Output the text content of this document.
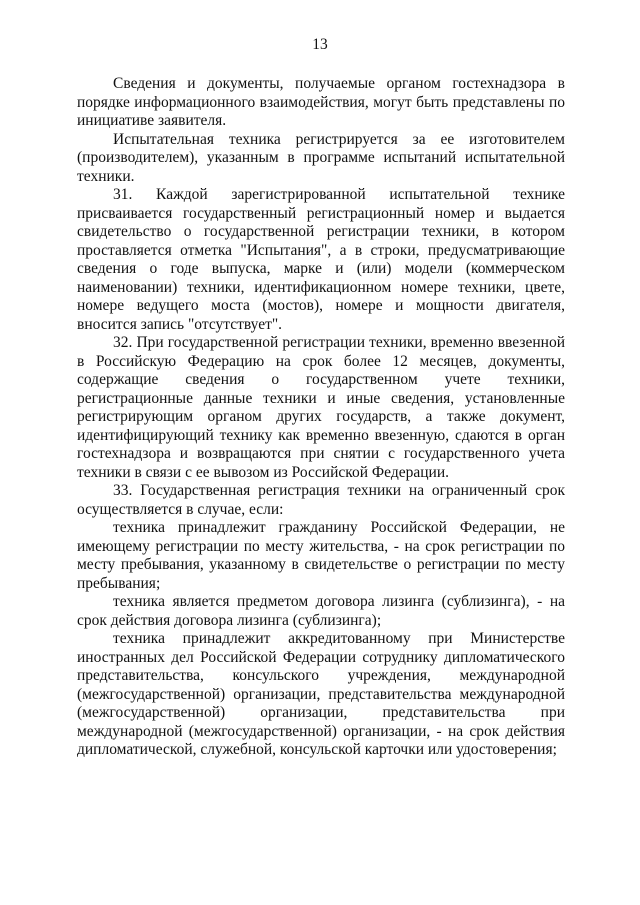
13

Сведения и документы, получаемые органом гостехнадзора в порядке информационного взаимодействия, могут быть представлены по инициативе заявителя.

Испытательная техника регистрируется за ее изготовителем (производителем), указанным в программе испытаний испытательной техники.

31. Каждой зарегистрированной испытательной технике присваивается государственный регистрационный номер и выдается свидетельство о государственной регистрации техники, в котором проставляется отметка "Испытания", а в строки, предусматривающие сведения о годе выпуска, марке и (или) модели (коммерческом наименовании) техники, идентификационном номере техники, цвете, номере ведущего моста (мостов), номере и мощности двигателя, вносится запись "отсутствует".

32. При государственной регистрации техники, временно ввезенной в Российскую Федерацию на срок более 12 месяцев, документы, содержащие сведения о государственном учете техники, регистрационные данные техники и иные сведения, установленные регистрирующим органом других государств, а также документ, идентифицирующий технику как временно ввезенную, сдаются в орган гостехнадзора и возвращаются при снятии с государственного учета техники в связи с ее вывозом из Российской Федерации.

33. Государственная регистрация техники на ограниченный срок осуществляется в случае, если:

техника принадлежит гражданину Российской Федерации, не имеющему регистрации по месту жительства, - на срок регистрации по месту пребывания, указанному в свидетельстве о регистрации по месту пребывания;

техника является предметом договора лизинга (сублизинга), - на срок действия договора лизинга (сублизинга);

техника принадлежит аккредитованному при Министерстве иностранных дел Российской Федерации сотруднику дипломатического представительства, консульского учреждения, международной (межгосударственной) организации, представительства международной (межгосударственной) организации, представительства при международной (межгосударственной) организации, - на срок действия дипломатической, служебной, консульской карточки или удостоверения;
